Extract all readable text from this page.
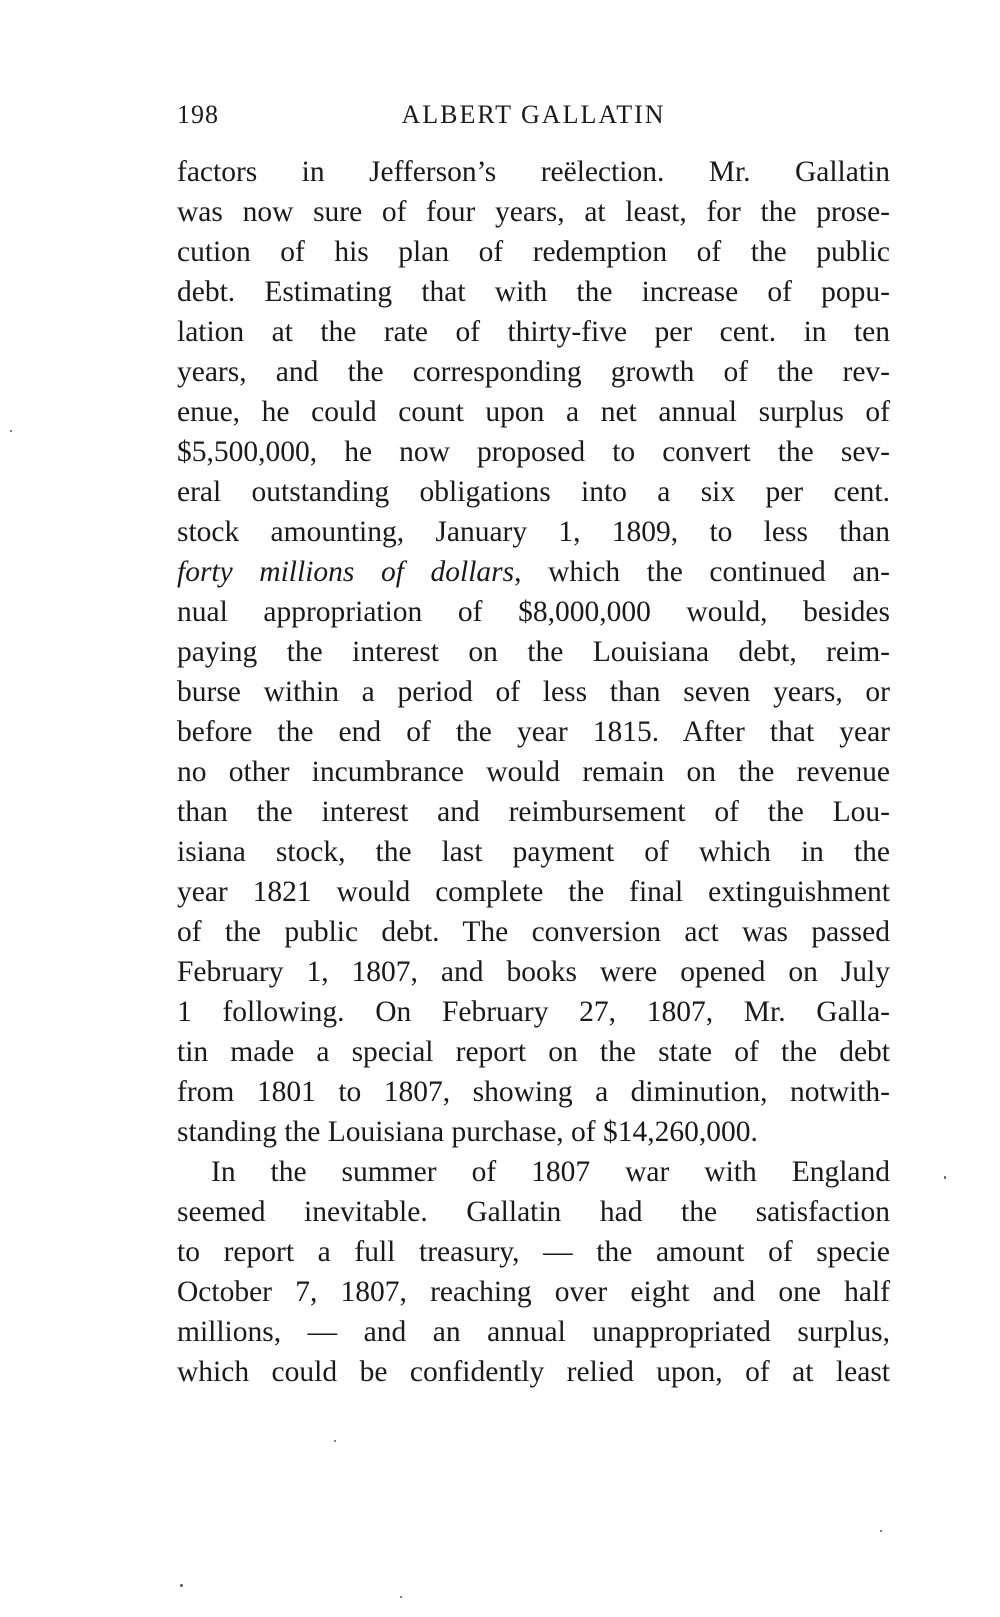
198	ALBERT GALLATIN
factors in Jefferson’s reëlection. Mr. Gallatin
was now sure of four years, at least, for the prose-
cution of his plan of redemption of the public
debt. Estimating that with the increase of popu-
lation at the rate of thirty-five per cent. in ten
years, and the corresponding growth of the rev-
enue, he could count upon a net annual surplus of
$5,500,000, he now proposed to convert the sev-
eral outstanding obligations into a six per cent.
stock amounting, January 1, 1809, to less than
forty millions of dollars, which the continued an-
nual appropriation of $8,000,000 would, besides
paying the interest on the Louisiana debt, reim-
burse within a period of less than seven years, or
before the end of the year 1815. After that year
no other incumbrance would remain on the revenue
than the interest and reimbursement of the Lou-
isiana stock, the last payment of which in the
year 1821 would complete the final extinguishment
of the public debt. The conversion act was passed
February 1, 1807, and books were opened on July
1 following. On February 27, 1807, Mr. Galla-
tin made a special report on the state of the debt
from 1801 to 1807, showing a diminution, notwith-
standing the Louisiana purchase, of $14,260,000.
In the summer of 1807 war with England
seemed inevitable. Gallatin had the satisfaction
to report a full treasury, — the amount of specie
October 7, 1807, reaching over eight and one half
millions, — and an annual unappropriated surplus,
which could be confidently relied upon, of at least
